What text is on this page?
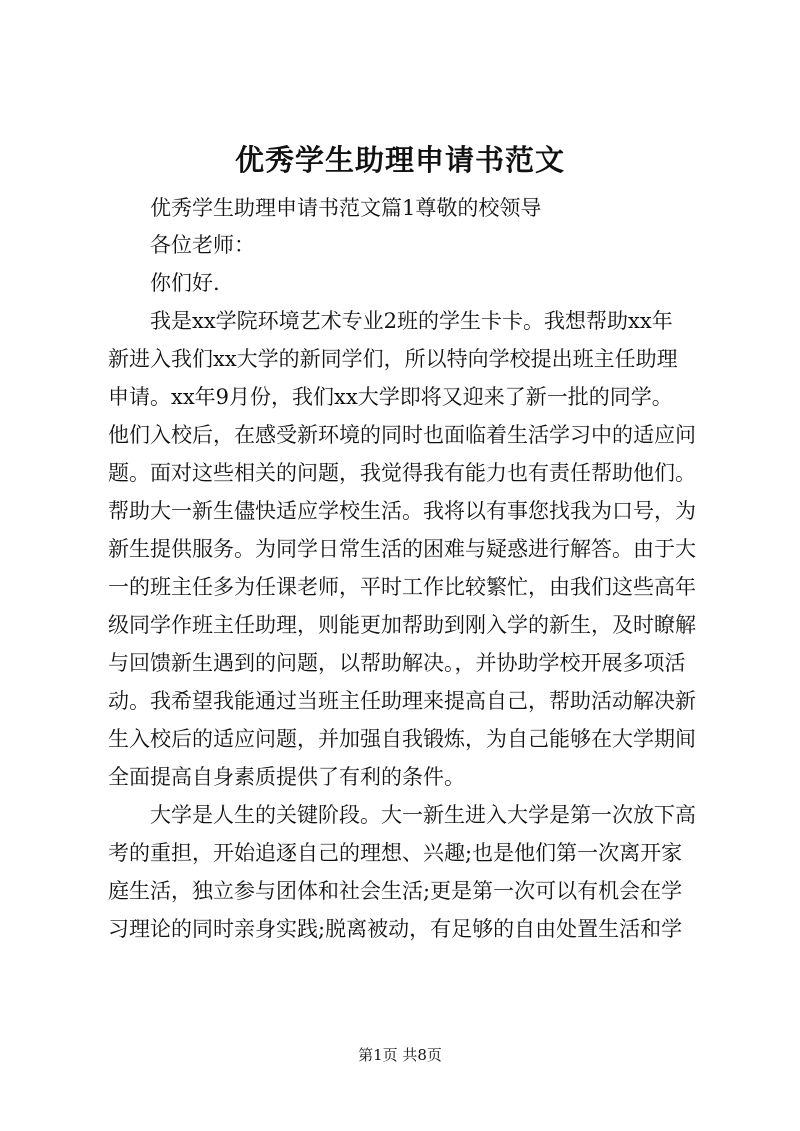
优秀学生助理申请书范文
优秀学生助理申请书范文篇1尊敬的校领导
各位老师：
你们好.
我是xx学院环境艺术专业2班的学生卡卡。我想帮助xx年
新进入我们xx大学的新同学们，所以特向学校提出班主任助理
申请。xx年9月份，我们xx大学即将又迎来了新一批的同学。
他们入校后，在感受新环境的同时也面临着生活学习中的适应问
题。面对这些相关的问题，我觉得我有能力也有责任帮助他们。
帮助大一新生儘快适应学校生活。我将以有事您找我为口号，为
新生提供服务。为同学日常生活的困难与疑惑进行解答。由于大
一的班主任多为任课老师，平时工作比较繁忙，由我们这些高年
级同学作班主任助理，则能更加帮助到刚入学的新生，及时瞭解
与回馈新生遇到的问题，以帮助解决。，并协助学校开展多项活
动。我希望我能通过当班主任助理来提高自己，帮助活动解决新
生入校后的适应问题，并加强自我锻炼，为自己能够在大学期间
全面提高自身素质提供了有利的条件。
大学是人生的关键阶段。大一新生进入大学是第一次放下高
考的重担，开始追逐自己的理想、兴趣;也是他们第一次离开家
庭生活，独立参与团体和社会生活;更是第一次可以有机会在学
习理论的同时亲身实践;脱离被动，有足够的自由处置生活和学
第1页 共8页
